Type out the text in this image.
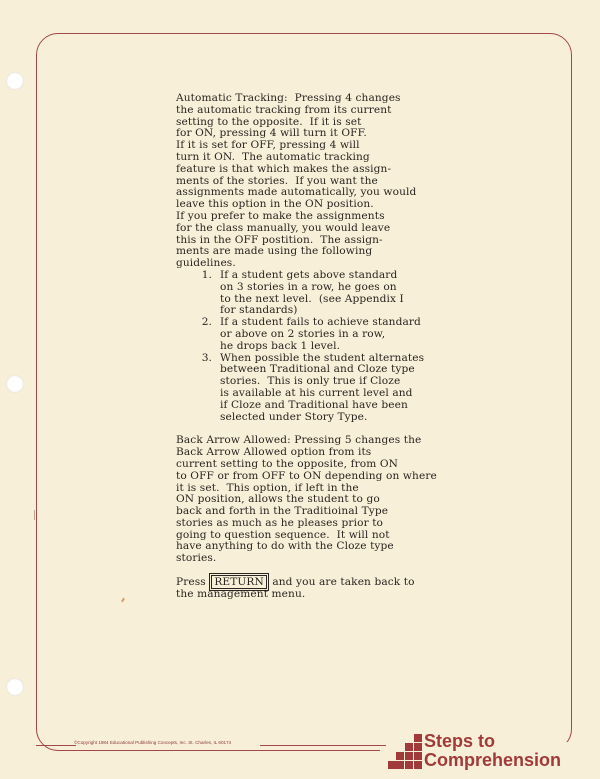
Automatic Tracking:  Pressing 4 changes

the automatic tracking from its current

setting to the opposite.  If it is set

for ON, pressing 4 will turn it OFF.

If it is set for OFF, pressing 4 will

turn it ON.  The automatic tracking

feature is that which makes the assign-

ments of the stories.  If you want the

assignments made automatically, you would

leave this option in the ON position.

If you prefer to make the assignments

for the class manually, you would leave

this in the OFF postition.  The assign-

ments are made using the following

guidelines.

1. If a student gets above standard
on 3 stories in a row, he goes on
to the next level.  (see Appendix I
for standards)
2. If a student fails to achieve standard
or above on 2 stories in a row,
he drops back 1 level.
3. When possible the student alternates
between Traditional and Cloze type
stories.  This is only true if Cloze
is available at his current level and
if Cloze and Traditional have been
selected under Story Type.

Back Arrow Allowed: Pressing 5 changes the

Back Arrow Allowed option from its

current setting to the opposite, from ON

to OFF or from OFF to ON depending on where

it is set.  This option, if left in the

ON position, allows the student to go

back and forth in the Traditioinal Type

stories as much as he pleases prior to

going to question sequence.  It will not

have anything to do with the Cloze type

stories.

Press RETURN and you are taken back to

the management menu.

©Copyright 1984 Educational Publishing Concepts, Inc. St. Charles, IL 60174	Steps to
Comprehension
